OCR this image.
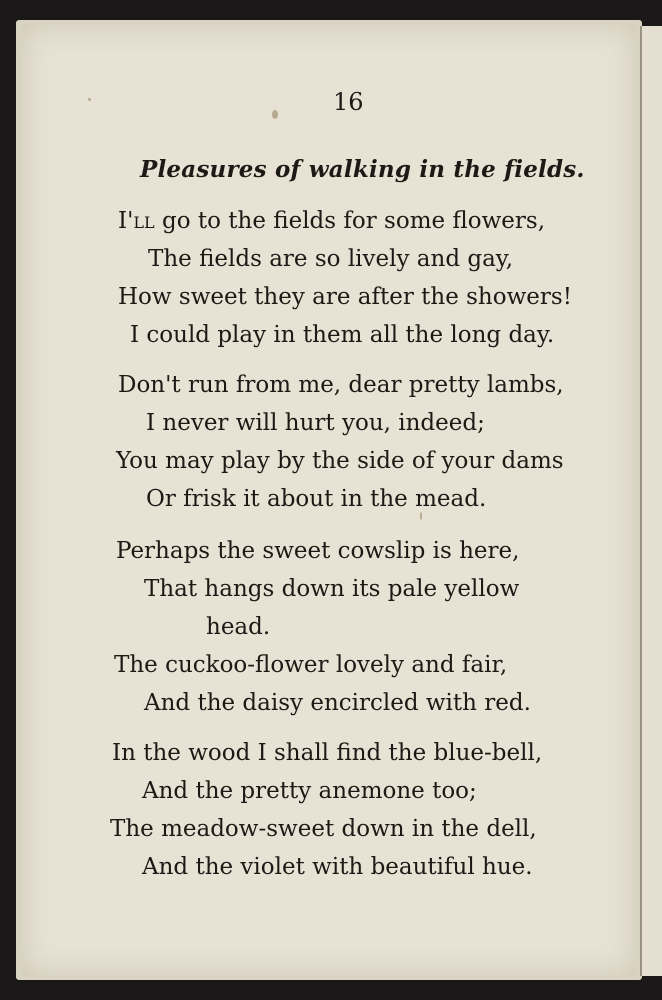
16
Pleasures of walking in the fields.
I'll go to the fields for some flowers,
The fields are so lively and gay,
How sweet they are after the showers!
I could play in them all the long day.
Don't run from me, dear pretty lambs,
I never will hurt you, indeed;
You may play by the side of your dams
Or frisk it about in the mead.
Perhaps the sweet cowslip is here,
That hangs down its pale yellow
head.
The cuckoo-flower lovely and fair,
And the daisy encircled with red.
In the wood I shall find the blue-bell,
And the pretty anemone too;
The meadow-sweet down in the dell,
And the violet with beautiful hue.
